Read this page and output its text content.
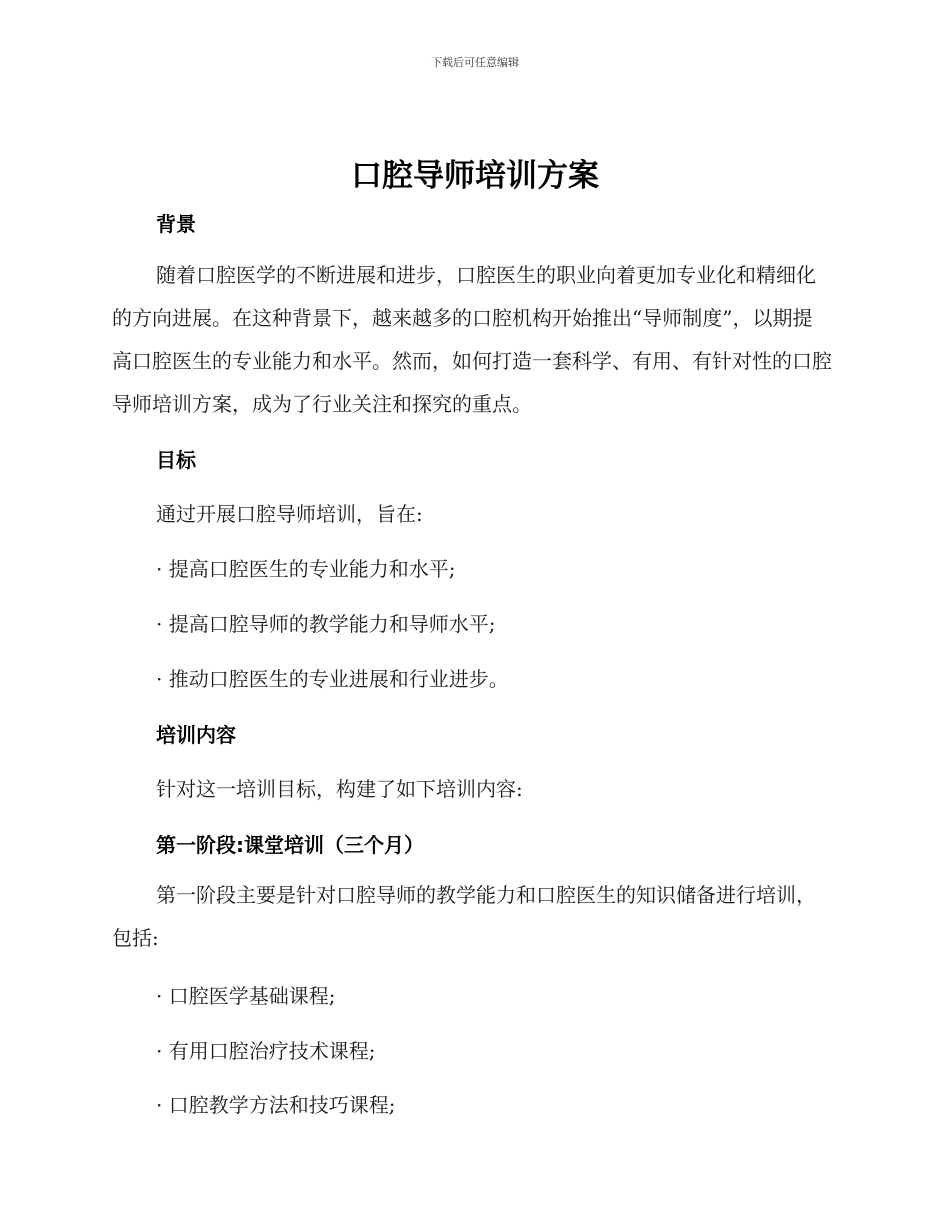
下载后可任意编辑
口腔导师培训方案
背景
随着口腔医学的不断进展和进步，口腔医生的职业向着更加专业化和精细化的方向进展。在这种背景下，越来越多的口腔机构开始推出“导师制度”，以期提高口腔医生的专业能力和水平。然而，如何打造一套科学、有用、有针对性的口腔导师培训方案，成为了行业关注和探究的重点。
目标
通过开展口腔导师培训，旨在:
· 提高口腔医生的专业能力和水平;
· 提高口腔导师的教学能力和导师水平;
· 推动口腔医生的专业进展和行业进步。
培训内容
针对这一培训目标，构建了如下培训内容:
第一阶段:课堂培训（三个月）
第一阶段主要是针对口腔导师的教学能力和口腔医生的知识储备进行培训，包括:
· 口腔医学基础课程;
· 有用口腔治疗技术课程;
· 口腔教学方法和技巧课程;
